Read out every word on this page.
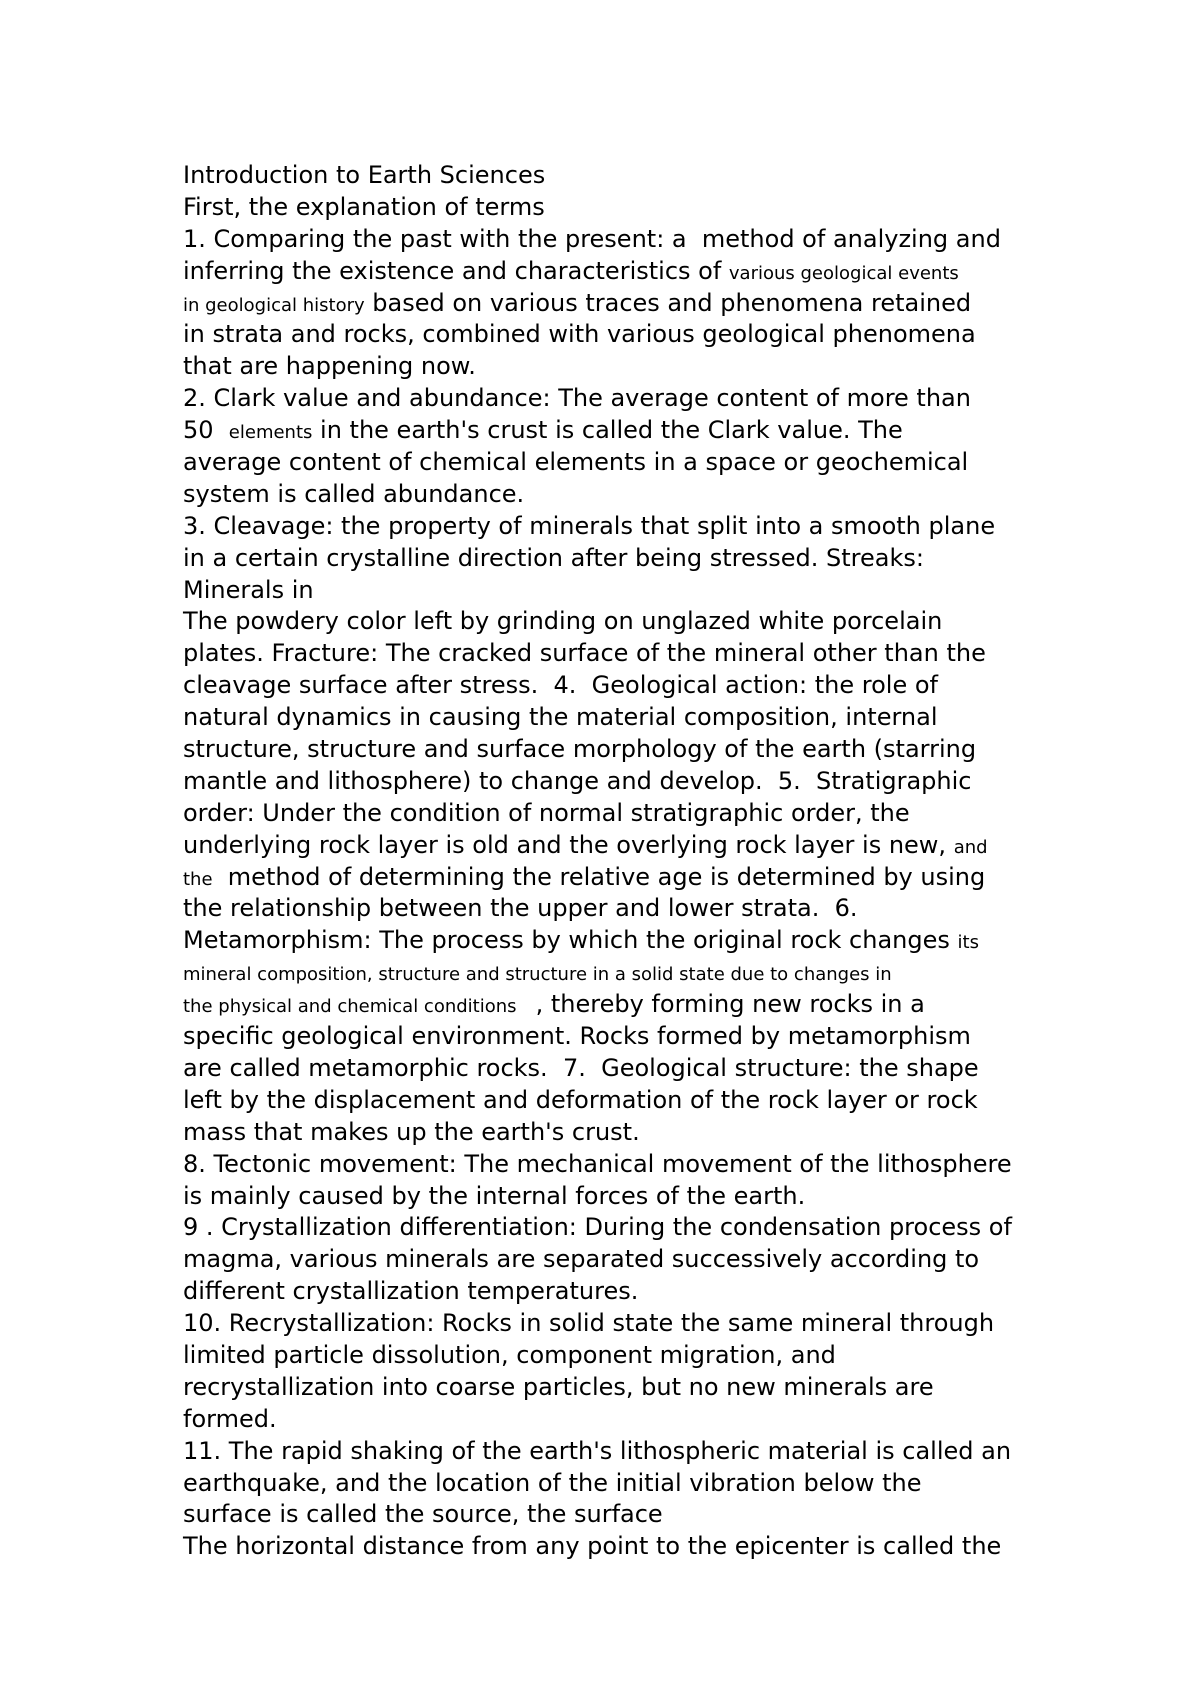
Introduction to Earth Sciences
First, the explanation of terms
1. Comparing the past with the present: a  method of analyzing and
inferring the existence and characteristics of various geological events
in geological history based on various traces and phenomena retained
in strata and rocks, combined with various geological phenomena
that are happening now.
2. Clark value and abundance: The average content of more than
50  elements in the earth's crust is called the Clark value. The
average content of chemical elements in a space or geochemical
system is called abundance.
3. Cleavage: the property of minerals that split into a smooth plane
in a certain crystalline direction after being stressed. Streaks:
Minerals in
The powdery color left by grinding on unglazed white porcelain
plates. Fracture: The cracked surface of the mineral other than the
cleavage surface after stress.  4.  Geological action: the role of
natural dynamics in causing the material composition, internal
structure, structure and surface morphology of the earth (starring
mantle and lithosphere) to change and develop.  5.  Stratigraphic
order: Under the condition of normal stratigraphic order, the
underlying rock layer is old and the overlying rock layer is new, and
the  method of determining the relative age is determined by using
the relationship between the upper and lower strata.  6.
Metamorphism: The process by which the original rock changes its
mineral composition, structure and structure in a solid state due to changes in
the physical and chemical conditions   , thereby forming new rocks in a
specific geological environment. Rocks formed by metamorphism
are called metamorphic rocks.  7.  Geological structure: the shape
left by the displacement and deformation of the rock layer or rock
mass that makes up the earth's crust.
8. Tectonic movement: The mechanical movement of the lithosphere
is mainly caused by the internal forces of the earth.
9 . Crystallization differentiation: During the condensation process of
magma, various minerals are separated successively according to
different crystallization temperatures.
10. Recrystallization: Rocks in solid state the same mineral through
limited particle dissolution, component migration, and
recrystallization into coarse particles, but no new minerals are
formed.
11. The rapid shaking of the earth's lithospheric material is called an
earthquake, and the location of the initial vibration below the
surface is called the source, the surface
The horizontal distance from any point to the epicenter is called the
